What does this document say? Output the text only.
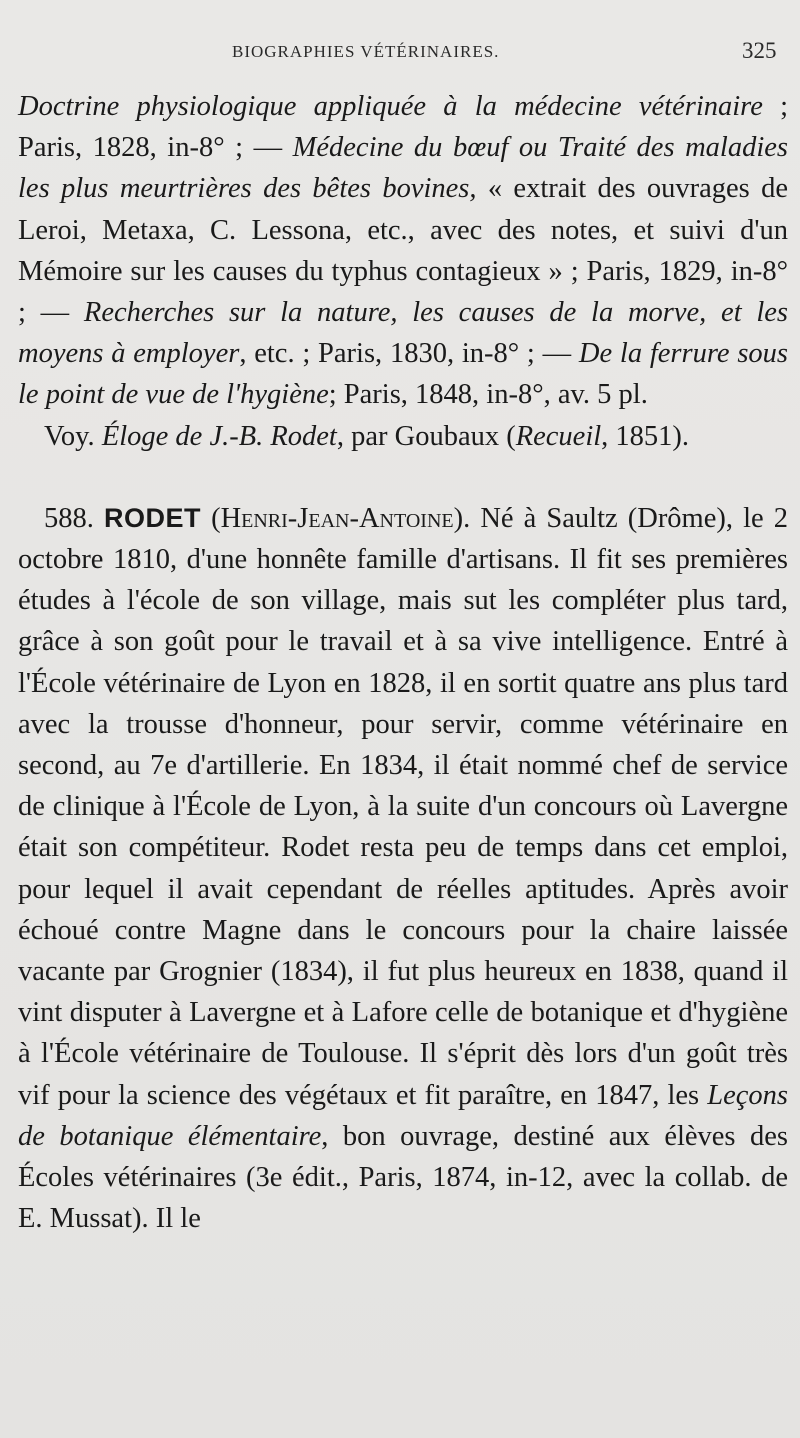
BIOGRAPHIES VÉTÉRINAIRES.	325

Doctrine physiologique appliquée à la médecine vétérinaire ; Paris, 1828, in-8° ; — Médecine du bœuf ou Traité des maladies les plus meurtrières des bêtes bovines, « extrait des ouvrages de Leroi, Metaxa, C. Lessona, etc., avec des notes, et suivi d'un Mémoire sur les causes du typhus contagieux » ; Paris, 1829, in-8° ; — Recherches sur la nature, les causes de la morve, et les moyens à employer, etc. ; Paris, 1830, in-8° ; — De la ferrure sous le point de vue de l'hygiène; Paris, 1848, in-8°, av. 5 pl.

Voy. Éloge de J.-B. Rodet, par Goubaux (Recueil, 1851).

588. RODET (Henri-Jean-Antoine). Né à Saultz (Drôme), le 2 octobre 1810, d'une honnête famille d'artisans. Il fit ses premières études à l'école de son village, mais sut les compléter plus tard, grâce à son goût pour le travail et à sa vive intelligence. Entré à l'École vétérinaire de Lyon en 1828, il en sortit quatre ans plus tard avec la trousse d'honneur, pour servir, comme vétérinaire en second, au 7e d'artillerie. En 1834, il était nommé chef de service de clinique à l'École de Lyon, à la suite d'un concours où Lavergne était son compétiteur. Rodet resta peu de temps dans cet emploi, pour lequel il avait cependant de réelles aptitudes. Après avoir échoué contre Magne dans le concours pour la chaire laissée vacante par Grognier (1834), il fut plus heureux en 1838, quand il vint disputer à Lavergne et à Lafore celle de botanique et d'hygiène à l'École vétérinaire de Toulouse. Il s'éprit dès lors d'un goût très vif pour la science des végétaux et fit paraître, en 1847, les Leçons de botanique élémentaire, bon ouvrage, destiné aux élèves des Écoles vétérinaires (3e édit., Paris, 1874, in-12, avec la collab. de E. Mussat). Il le
